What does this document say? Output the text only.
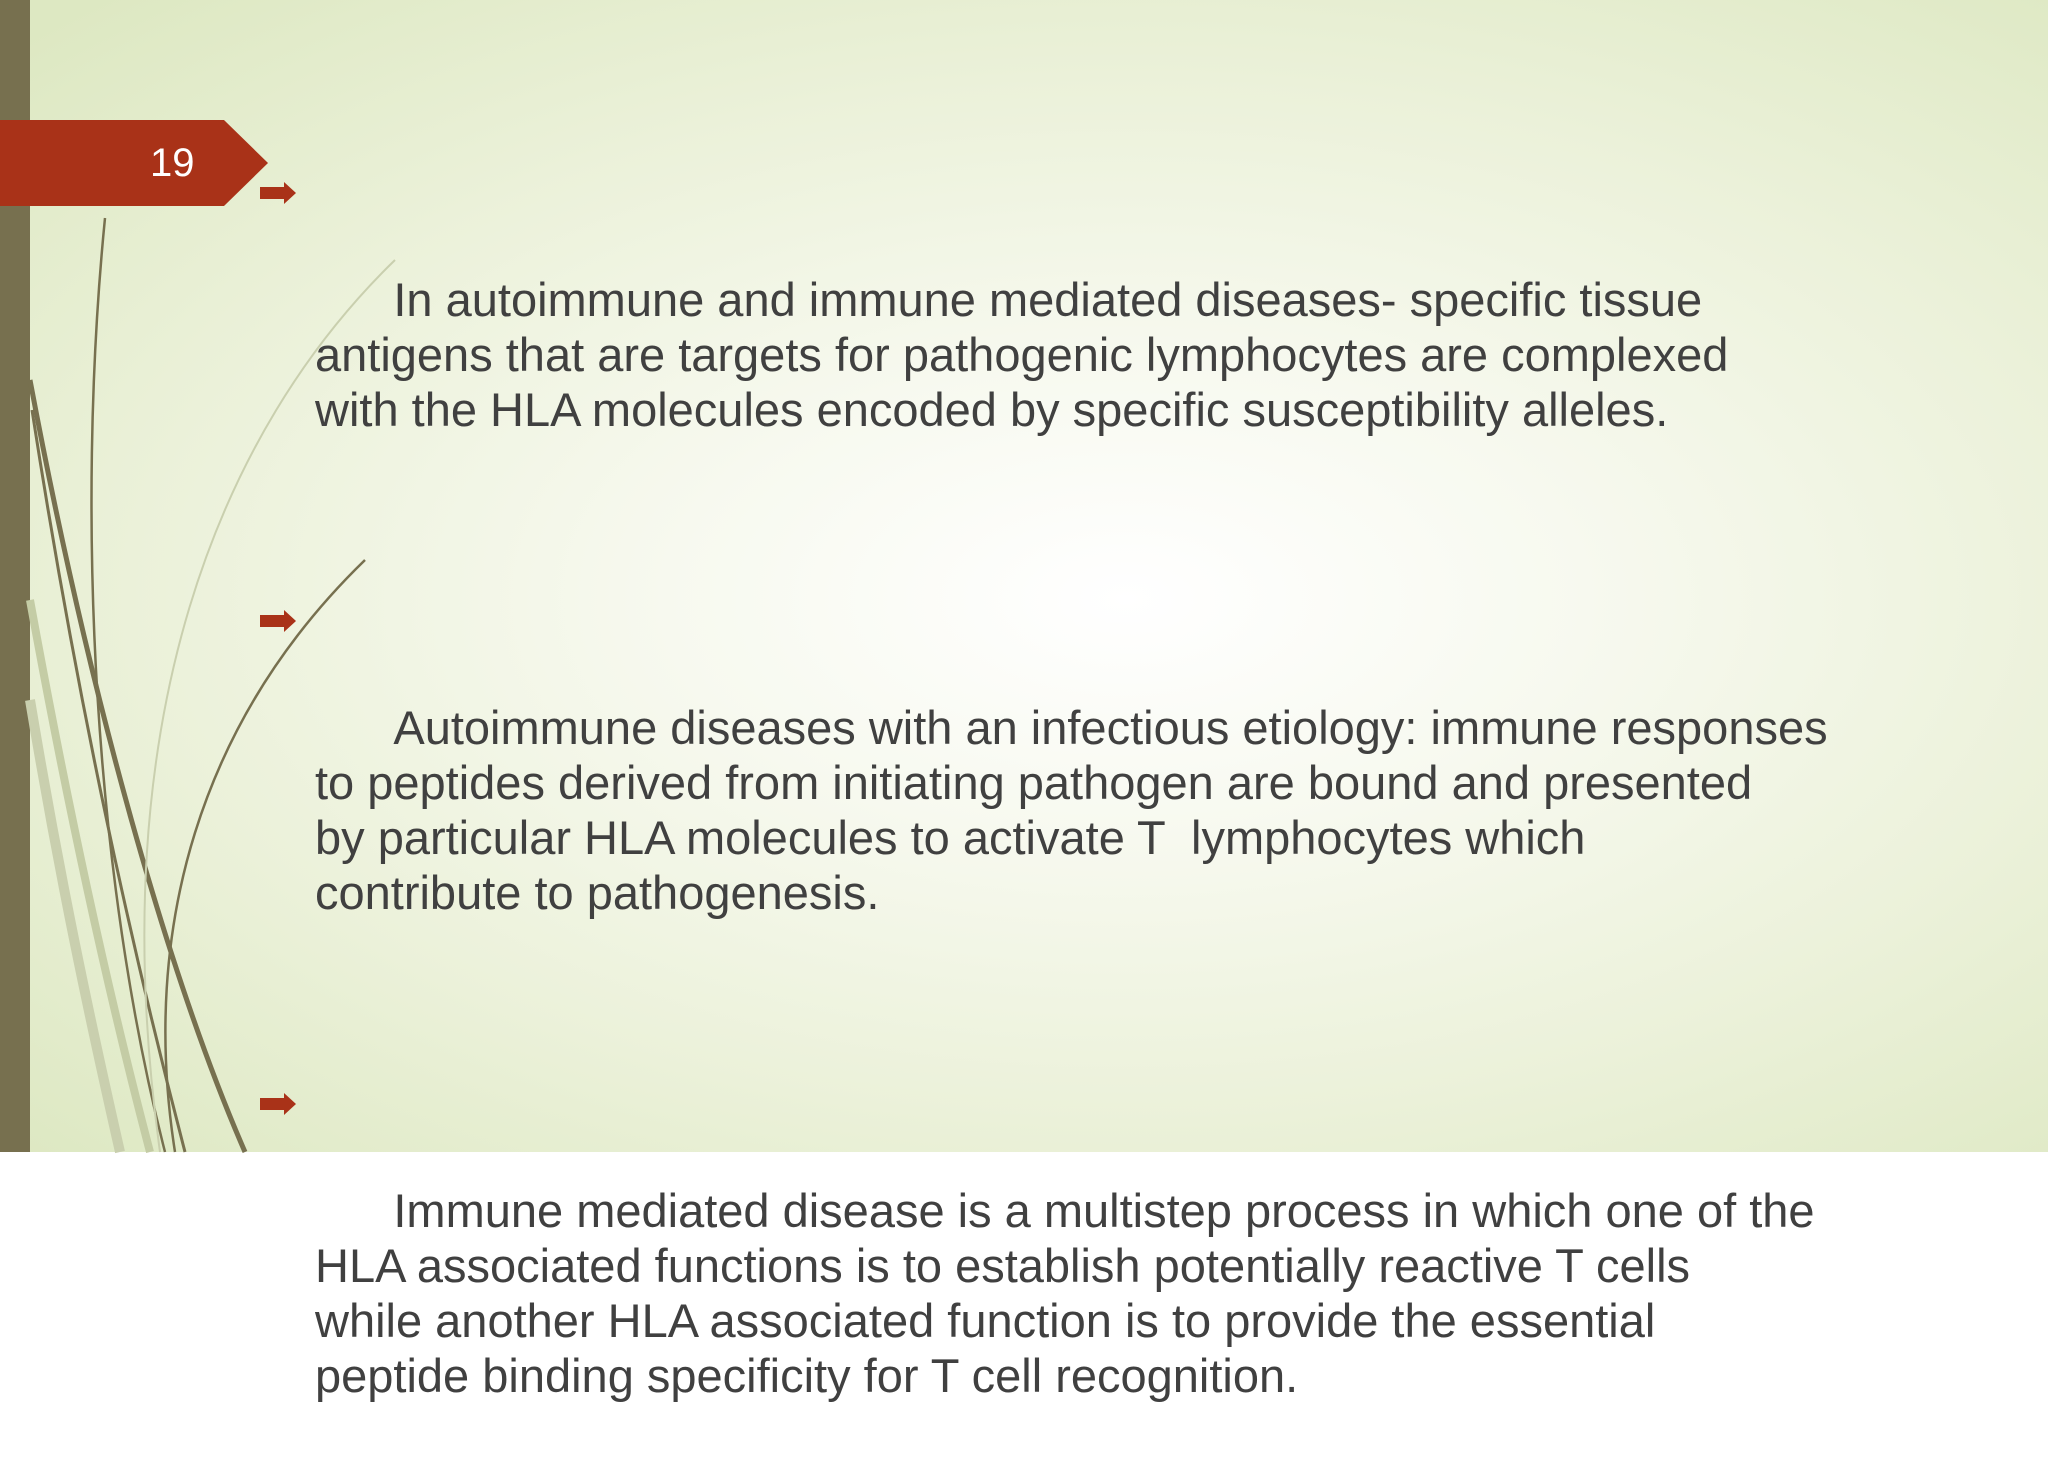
19

In autoimmune and immune mediated diseases- specific tissue
antigens that are targets for pathogenic lymphocytes are complexed
with the HLA molecules encoded by specific susceptibility alleles.

Autoimmune diseases with an infectious etiology: immune responses
to peptides derived from initiating pathogen are bound and presented
by particular HLA molecules to activate T  lymphocytes which
contribute to pathogenesis.

Immune mediated disease is a multistep process in which one of the
HLA associated functions is to establish potentially reactive T cells
while another HLA associated function is to provide the essential
peptide binding specificity for T cell recognition.
